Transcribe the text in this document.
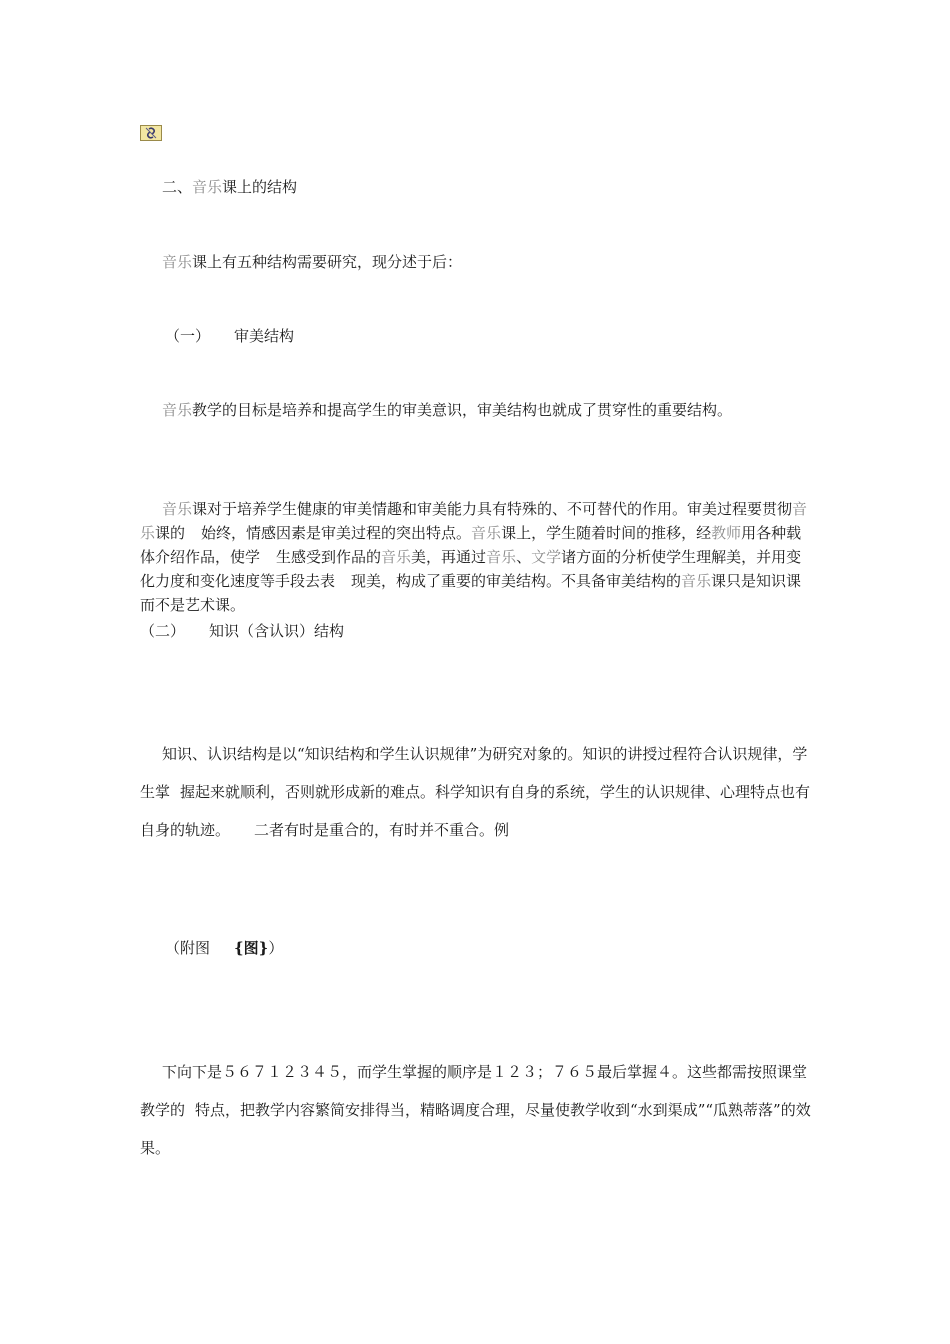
二、音乐课上的结构

音乐课上有五种结构需要研究，现分述于后：

（一） 审美结构

音乐教学的目标是培养和提高学生的审美意识，审美结构也就成了贯穿性的重要结构。

音乐课对于培养学生健康的审美情趣和审美能力具有特殊的、不可替代的作用。审美过程要贯彻音乐课的 始终，情感因素是审美过程的突出特点。音乐课上，学生随着时间的推移，经教师用各种载体介绍作品，使学 生感受到作品的音乐美，再通过音乐、文学诸方面的分析使学生理解美，并用变化力度和变化速度等手段去表 现美，构成了重要的审美结构。不具备审美结构的音乐课只是知识课而不是艺术课。

（二） 知识（含认识）结构

知识、认识结构是以“知识结构和学生认识规律”为研究对象的。知识的讲授过程符合认识规律，学生掌 握起来就顺利，否则就形成新的难点。科学知识有自身的系统，学生的认识规律、心理特点也有自身的轨迹。 二者有时是重合的，有时并不重合。例

（附图 {图}）

下向下是５６７１２３４５，而学生掌握的顺序是１２３；７６５最后掌握４。这些都需按照课堂教学的 特点，把教学内容繁简安排得当，精略调度合理，尽量使教学收到“水到渠成”“瓜熟蒂落”的效果。
